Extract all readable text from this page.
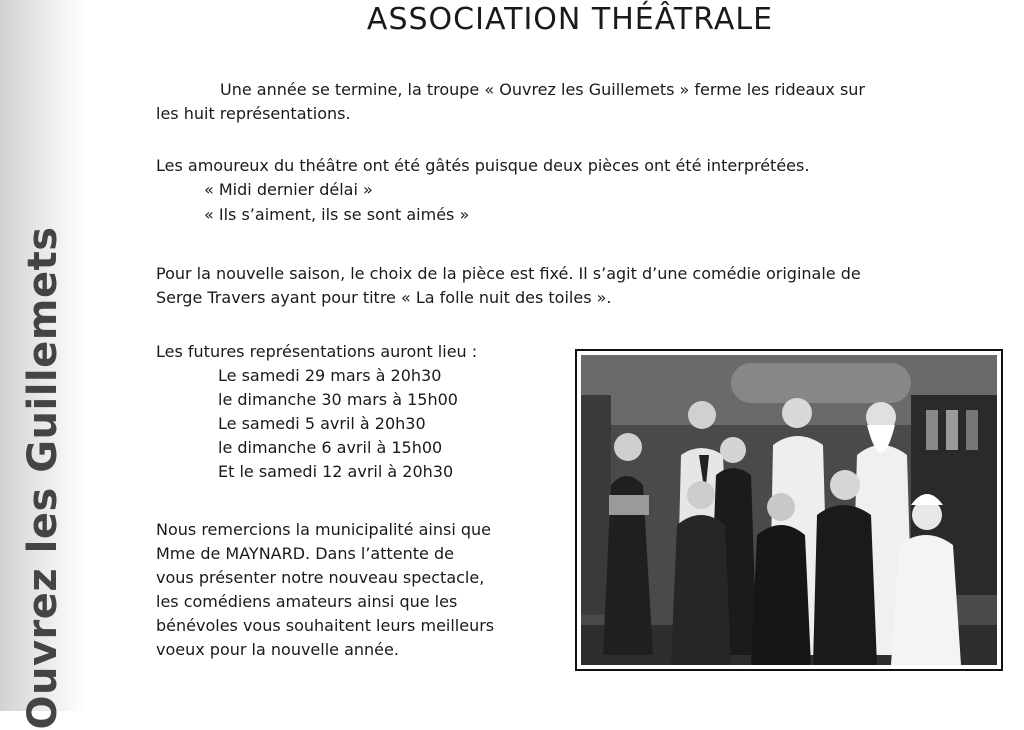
Ouvrez les Guillemets
ASSOCIATION THÉÂTRALE
Une année se termine, la troupe « Ouvrez les Guillemets » ferme les rideaux sur
les huit représentations.
Les amoureux du théâtre ont été gâtés puisque deux pièces ont été interprétées.
« Midi dernier délai »
« Ils s’aiment, ils se sont aimés »
Pour la nouvelle saison, le choix de la pièce est fixé. Il s’agit d’une comédie originale de
Serge Travers ayant pour titre « La folle nuit des toiles ».
Les futures représentations auront lieu :
Le samedi 29 mars à 20h30
le dimanche 30 mars à 15h00
Le samedi 5 avril à 20h30
le dimanche 6 avril à 15h00
Et le samedi 12 avril à 20h30
Nous remercions la municipalité ainsi que
Mme de MAYNARD. Dans l’attente de
vous présenter notre nouveau spectacle,
les comédiens amateurs ainsi que les
bénévoles vous souhaitent leurs meilleurs
voeux pour la nouvelle année.
